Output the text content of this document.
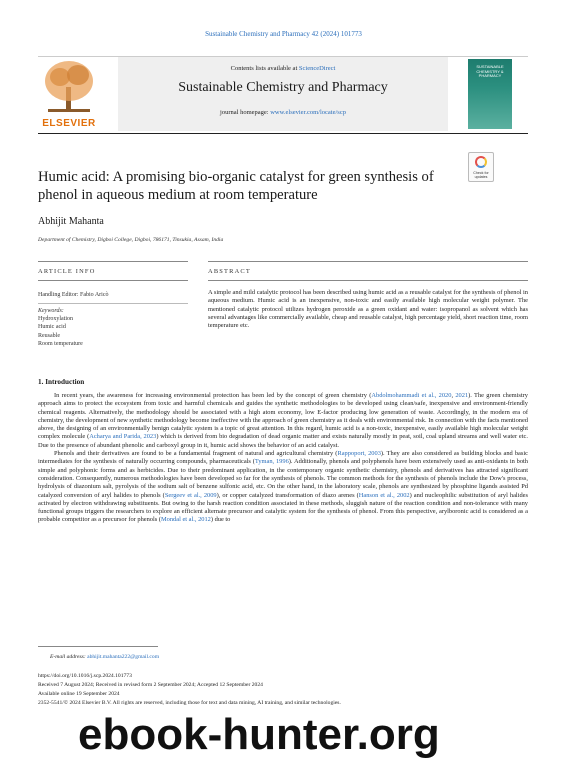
Sustainable Chemistry and Pharmacy 42 (2024) 101773
ELSEVIER
Contents lists available at ScienceDirect
Sustainable Chemistry and Pharmacy
journal homepage: www.elsevier.com/locate/scp
SUSTAINABLE CHEMISTRY & PHARMACY
Humic acid: A promising bio-organic catalyst for green synthesis of phenol in aqueous medium at room temperature
Check for updates
Abhijit Mahanta
Department of Chemistry, Digboi College, Digboi, 786171, Tinsukia, Assam, India
ARTICLE INFO	ABSTRACT
Handling Editor: Fabio Aricò
Keywords:
Hydroxylation
Humic acid
Reusable
Room temperature
A simple and mild catalytic protocol has been described using humic acid as a reusable catalyst for the synthesis of phenol in aqueous medium. Humic acid is an inexpensive, non-toxic and easily available high molecular weight polymer. The mentioned catalytic protocol utilizes hydrogen peroxide as a green oxidant and water: isopropanol as solvent which has several advantages like commercially available, cheap and reusable catalyst, high percentage yield, short reaction time, room temperature etc.
1. Introduction

In recent years, the awareness for increasing environmental protection has been led by the concept of green chemistry (Abdolmohammadi et al., 2020, 2021). The green chemistry approach aims to protect the ecosystem from toxic and harmful chemicals and guides the synthetic methodologies to be developed using clean/safe, inexpensive and environment-friendly chemical reagents. Alternatively, the methodology should be associated with a high atom economy, low E-factor producing low generation of waste. Accordingly, in the modern era of chemistry, the development of new synthetic methodology become ineffective with the approach of green chemistry as it deals with environmental risk. In connection with the facts mentioned above, the designing of an environmentally benign catalytic system is a topic of great attention. In this regard, humic acid is a non-toxic, inexpensive, easily available high molecular weight complex molecule (Acharya and Parida, 2023) which is derived from bio degradation of dead organic matter and exists naturally mostly in peat, soil, coal upland streams and well water etc. Due to the presence of abundant phenolic and carboxyl group in it, humic acid shows the behavior of an acid catalyst.

Phenols and their derivatives are found to be a fundamental fragment of natural and agricultural chemistry (Rappoport, 2003). They are also considered as building blocks and basic intermediates for the synthesis of naturally occurring compounds, pharmaceuticals (Tyman, 1996). Additionally, phenols and polyphenols have been extensively used as anti-oxidants in both simple and polyphonic forms and as herbicides. Due to their predominant application, in the contemporary organic synthetic chemistry, phenols and derivatives has attracted significant consideration. Consequently, numerous methodologies have been developed so far for the synthesis of phenols. The common methods for the synthesis of phenols include the Dow's process, hydrolysis of diazonium salt, pyrolysis of the sodium salt of benzene sulfonic acid, etc. On the other hand, in the laboratory scale, phenols are synthesized by phosphine ligands assisted Pd catalyzed conversion of aryl halides to phenols (Sergeev et al., 2009), or copper catalyzed transformation of diazo arenes (Hanson et al., 2002) and nucleophilic substitution of aryl halides activated by electron withdrawing substituents. But owing to the harsh reaction condition associated in these methods, sluggish nature of the reaction condition and non-tolerance with many functional groups triggers the researchers to explore an efficient alternate precursor and catalytic system for the synthesis of phenol. From this perspective, arylboronic acid is considered as a probable competitor as a precursor for phenols (Mondal et al., 2012) due to

E-mail address: abhijit.mahanta222@gmail.com
https://doi.org/10.1016/j.scp.2024.101773
Received 7 August 2024; Received in revised form 2 September 2024; Accepted 12 September 2024
Available online 19 September 2024
2352-5541/© 2024 Elsevier B.V. All rights are reserved, including those for text and data mining, AI training, and similar technologies.
ebook-hunter.org
